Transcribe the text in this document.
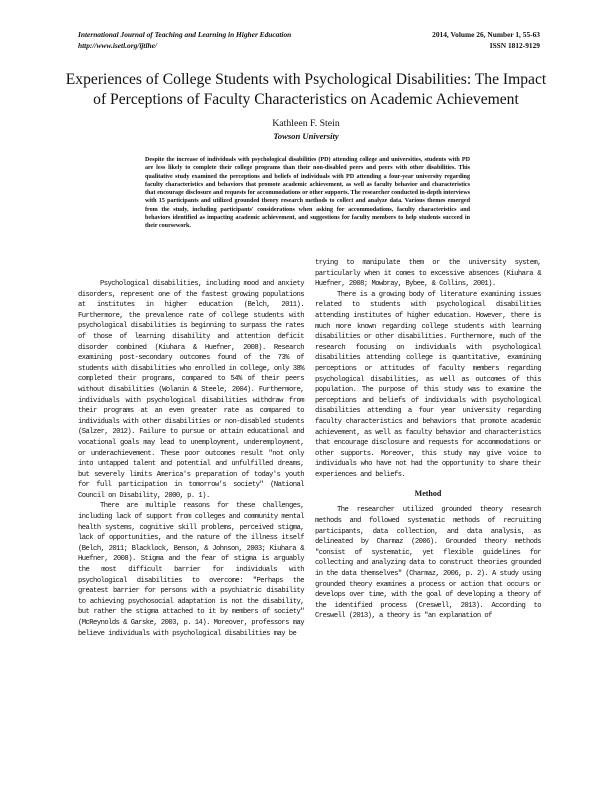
International Journal of Teaching and Learning in Higher Education
http://www.isetl.org/ijtlhe/
2014, Volume 26, Number 1, 55-63
ISSN 1812-9129
Experiences of College Students with Psychological Disabilities: The Impact of Perceptions of Faculty Characteristics on Academic Achievement
Kathleen F. Stein
Towson University

Despite the increase of individuals with psychological disabilities (PD) attending college and universities, students with PD are less likely to complete their college programs than their non-disabled peers and peers with other disabilities. This qualitative study examined the perceptions and beliefs of individuals with PD attending a four-year university regarding faculty characteristics and behaviors that promote academic achievement, as well as faculty behavior and characteristics that encourage disclosure and requests for accommodations or other supports. The researcher conducted in-depth interviews with 15 participants and utilized grounded theory research methods to collect and analyze data. Various themes emerged from the study, including participants' considerations when asking for accommodations, faculty characteristics and behaviors identified as impacting academic achievement, and suggestions for faculty members to help students succeed in their coursework.

Psychological disabilities, including mood and anxiety disorders, represent one of the fastest growing populations at institutes in higher education (Belch, 2011). Furthermore, the prevalence rate of college students with psychological disabilities is beginning to surpass the rates of those of learning disability and attention deficit disorder combined (Kiuhara & Huefner, 2008). Research examining post-secondary outcomes found of the 73% of students with disabilities who enrolled in college, only 38% completed their programs, compared to 54% of their peers without disabilities (Wolanin & Steele, 2004). Furthermore, individuals with psychological disabilities withdraw from their programs at an even greater rate as compared to individuals with other disabilities or non-disabled students (Salzer, 2012). Failure to pursue or attain educational and vocational goals may lead to unemployment, underemployment, or underachievement. These poor outcomes result "not only into untapped talent and potential and unfulfilled dreams, but severely limits America's preparation of today's youth for full participation in tomorrow's society" (National Council on Disability, 2000, p. 1).

There are multiple reasons for these challenges, including lack of support from colleges and community mental health systems, cognitive skill problems, perceived stigma, lack of opportunities, and the nature of the illness itself (Belch, 2011; Blacklock, Benson, & Johnson, 2003; Kiuhara & Huefner, 2008). Stigma and the fear of stigma is arguably the most difficult barrier for individuals with psychological disabilities to overcome: "Perhaps the greatest barrier for persons with a psychiatric disability to achieving psychosocial adaptation is not the disability, but rather the stigma attached to it by members of society" (McReynolds & Garske, 2003, p. 14). Moreover, professors may believe individuals with psychological disabilities may be

trying to manipulate them or the university system, particularly when it comes to excessive absences (Kiuhara & Huefner, 2008; Mowbray, Bybee, & Collins, 2001).

There is a growing body of literature examining issues related to students with psychological disabilities attending institutes of higher education. However, there is much more known regarding college students with learning disabilities or other disabilities. Furthermore, much of the research focusing on individuals with psychological disabilities attending college is quantitative, examining perceptions or attitudes of faculty members regarding psychological disabilities, as well as outcomes of this population. The purpose of this study was to examine the perceptions and beliefs of individuals with psychological disabilities attending a four year university regarding faculty characteristics and behaviors that promote academic achievement, as well as faculty behavior and characteristics that encourage disclosure and requests for accommodations or other supports. Moreover, this study may give voice to individuals who have not had the opportunity to share their experiences and beliefs.

Method

The researcher utilized grounded theory research methods and followed systematic methods of recruiting participants, data collection, and data analysis, as delineated by Charmaz (2006). Grounded theory methods "consist of systematic, yet flexible guidelines for collecting and analyzing data to construct theories grounded in the data themselves" (Charmaz, 2006, p. 2). A study using grounded theory examines a process or action that occurs or develops over time, with the goal of developing a theory of the identified process (Creswell, 2013). According to Creswell (2013), a theory is "an explanation of
